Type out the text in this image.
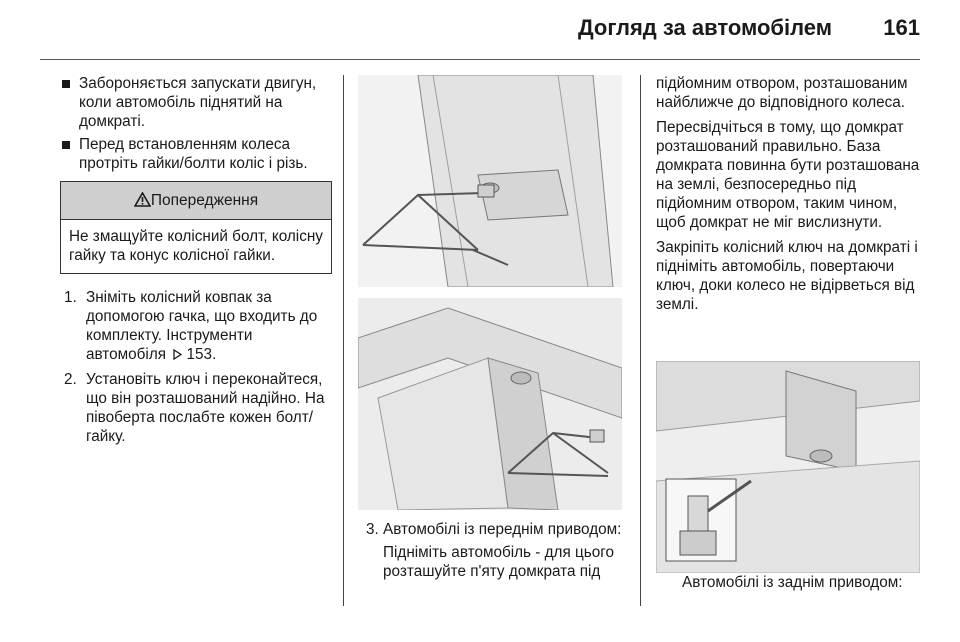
Догляд за автомобілем 161
Забороняється запускати двигун, коли автомобіль піднятий на домкраті.
Перед встановленням колеса протріть гайки/болти коліс і різь.
Попередження
Не змащуйте колісний болт, колісну гайку та конус колісної гайки.
1. Зніміть колісний ковпак за допомогою гачка, що входить до комплекту. Інструменти автомобіля 153.
2. Установіть ключ і переконайтеся, що він розташований надійно. На півоберта послабте кожен болт/гайку.
3. Автомобілі із переднім приводом:
Підніміть автомобіль - для цього розташуйте п'яту домкрата під

підйомним отвором, розташованим найближче до відповідного колеса.

Пересвідчіться в тому, що домкрат розташований правильно. База домкрата повинна бути розташована на землі, безпосередньо під підйомним отвором, таким чином, щоб домкрат не міг вислизнути.

Закріпіть колісний ключ на домкраті і підніміть автомобіль, повертаючи ключ, доки колесо не відірветься від землі.

Автомобілі із заднім приводом:
